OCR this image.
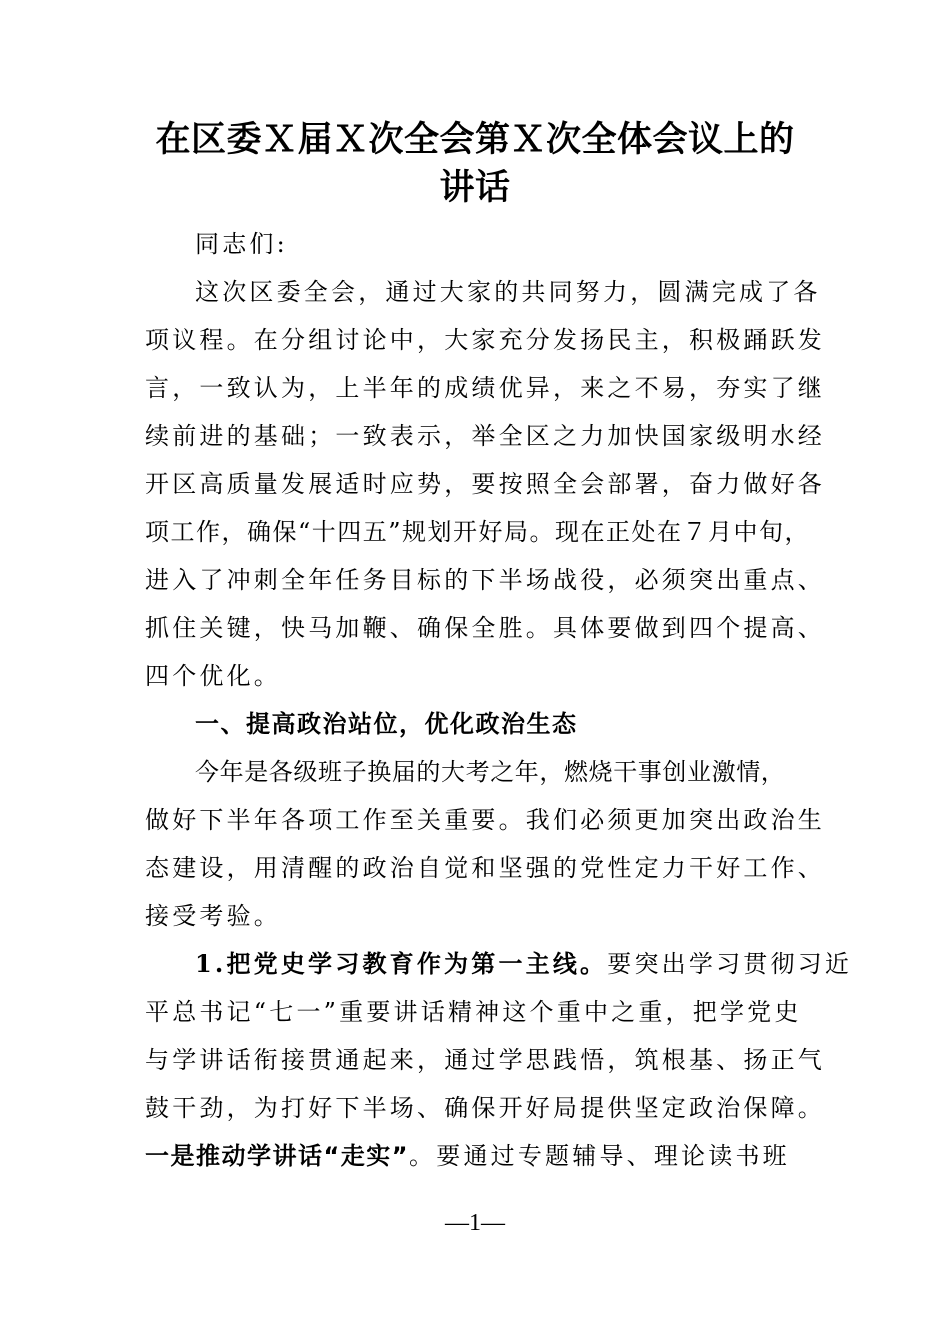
在区委Ｘ届Ｘ次全会第Ｘ次全体会议上的
讲话
同志们:
这次区委全会，通过大家的共同努力，圆满完成了各
项议程。在分组讨论中，大家充分发扬民主，积极踊跃发
言，一致认为，上半年的成绩优异，来之不易，夯实了继
续前进的基础；一致表示，举全区之力加快国家级明水经
开区高质量发展适时应势，要按照全会部署，奋力做好各
项工作，确保“十四五”规划开好局。现在正处在７月中旬，
进入了冲刺全年任务目标的下半场战役，必须突出重点、
抓住关键，快马加鞭、确保全胜。具体要做到四个提高、
四个优化。
一、提高政治站位，优化政治生态
今年是各级班子换届的大考之年，燃烧干事创业激情，
做好下半年各项工作至关重要。我们必须更加突出政治生
态建设，用清醒的政治自觉和坚强的党性定力干好工作、
接受考验。
1.把党史学习教育作为第一主线。要突出学习贯彻习近
平总书记“七一”重要讲话精神这个重中之重，把学党史
与学讲话衔接贯通起来，通过学思践悟，筑根基、扬正气
鼓干劲，为打好下半场、确保开好局提供坚定政治保障。
一是推动学讲话“走实”。要通过专题辅导、理论读书班
—1—
